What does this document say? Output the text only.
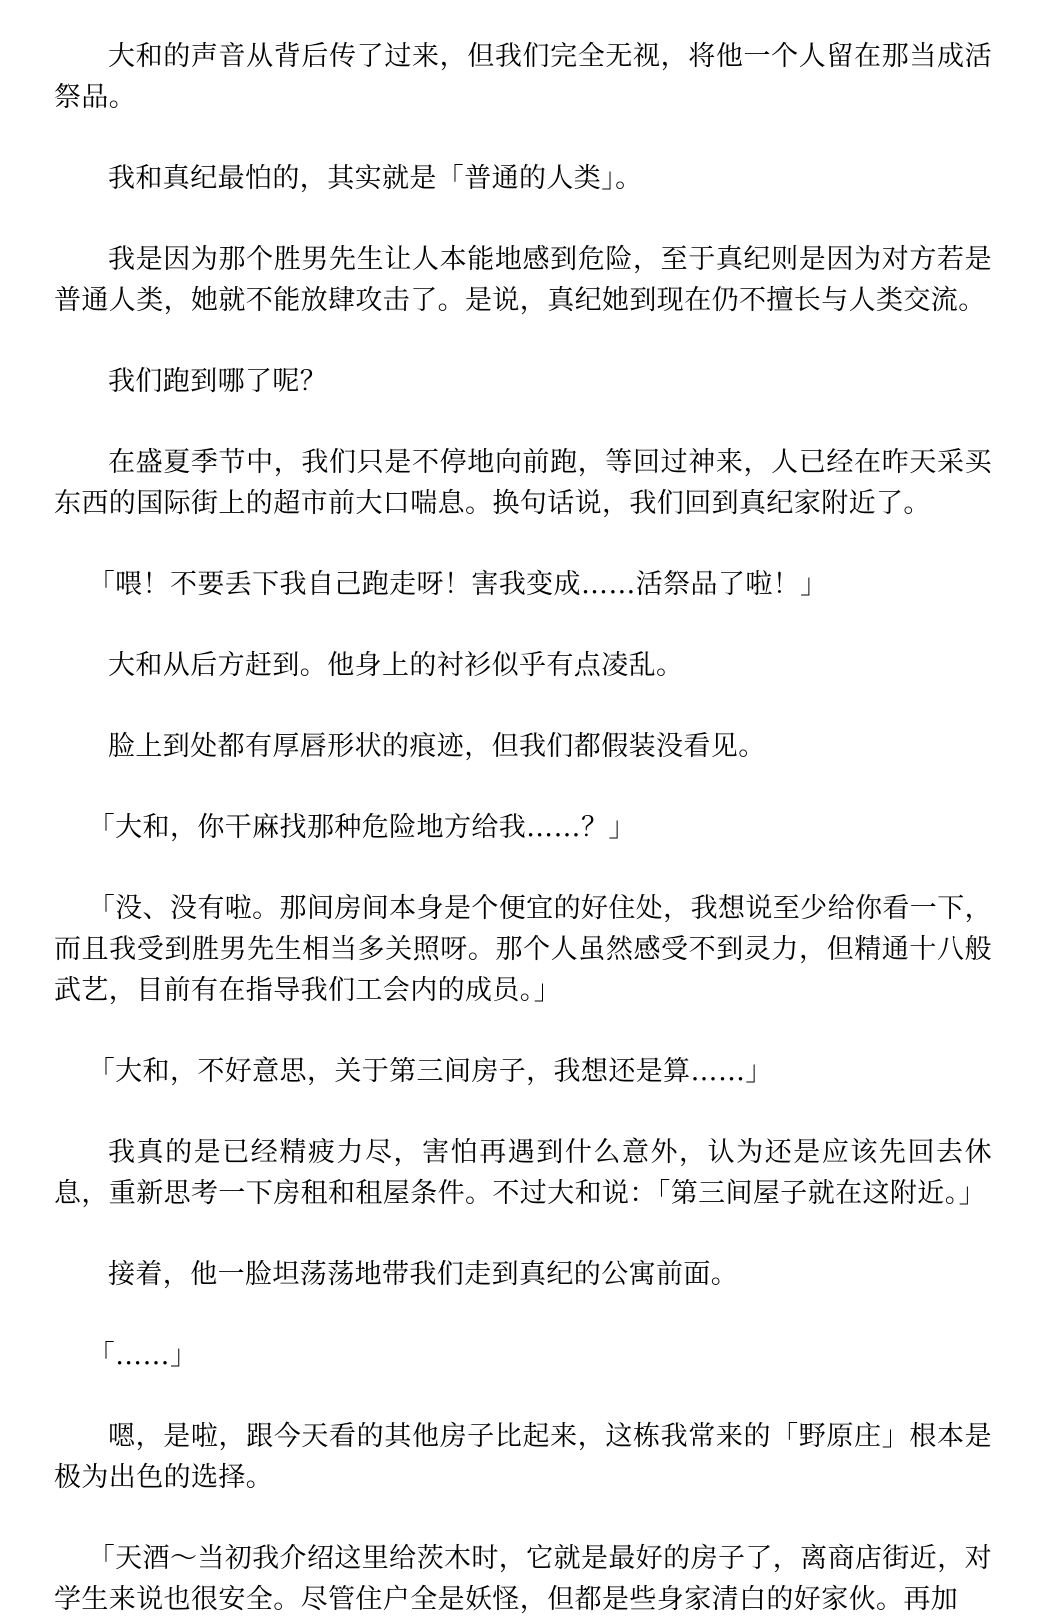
大和的声音从背后传了过来，但我们完全无视，将他一个人留在那当成活祭品。

我和真纪最怕的，其实就是「普通的人类」。

我是因为那个胜男先生让人本能地感到危险，至于真纪则是因为对方若是普通人类，她就不能放肆攻击了。是说，真纪她到现在仍不擅长与人类交流。

我们跑到哪了呢？

在盛夏季节中，我们只是不停地向前跑，等回过神来，人已经在昨天采买东西的国际街上的超市前大口喘息。换句话说，我们回到真纪家附近了。

「喂！不要丢下我自己跑走呀！害我变成……活祭品了啦！」

大和从后方赶到。他身上的衬衫似乎有点凌乱。

脸上到处都有厚唇形状的痕迹，但我们都假装没看见。

「大和，你干麻找那种危险地方给我……？」

「没、没有啦。那间房间本身是个便宜的好住处，我想说至少给你看一下，而且我受到胜男先生相当多关照呀。那个人虽然感受不到灵力，但精通十八般武艺，目前有在指导我们工会内的成员。」

「大和，不好意思，关于第三间房子，我想还是算……」

我真的是已经精疲力尽，害怕再遇到什么意外，认为还是应该先回去休息，重新思考一下房租和租屋条件。不过大和说：「第三间屋子就在这附近。」

接着，他一脸坦荡荡地带我们走到真纪的公寓前面。

「……」

嗯，是啦，跟今天看的其他房子比起来，这栋我常来的「野原庄」根本是极为出色的选择。

「天酒～当初我介绍这里给茨木时，它就是最好的房子了，离商店街近，对学生来说也很安全。尽管住户全是妖怪，但都是些身家清白的好家伙。再加
